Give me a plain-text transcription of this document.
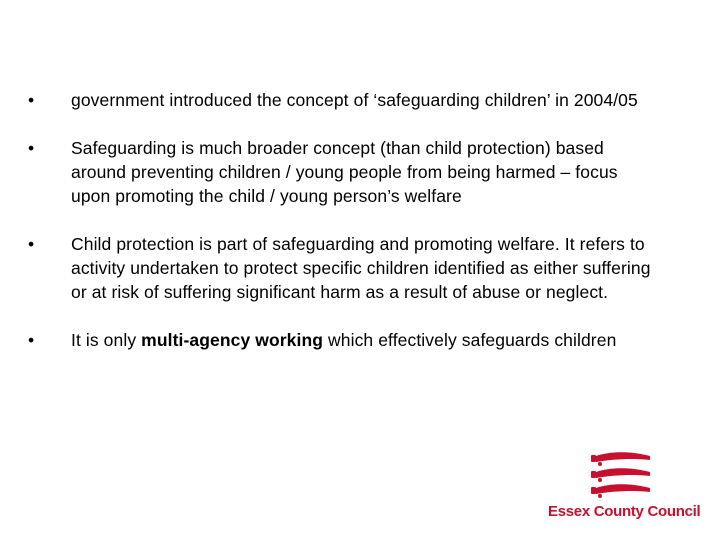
•	government introduced the concept of ‘safeguarding children’ in 2004/05
•	Safeguarding is much broader concept (than child protection) based around preventing children / young people from being harmed – focus upon promoting the child / young person’s welfare
•	Child protection is part of safeguarding and promoting welfare. It refers to activity undertaken to protect specific children identified as either suffering or at risk of suffering significant harm as a result of abuse or neglect.
•	It is only multi-agency working which effectively safeguards children
Essex County Council
